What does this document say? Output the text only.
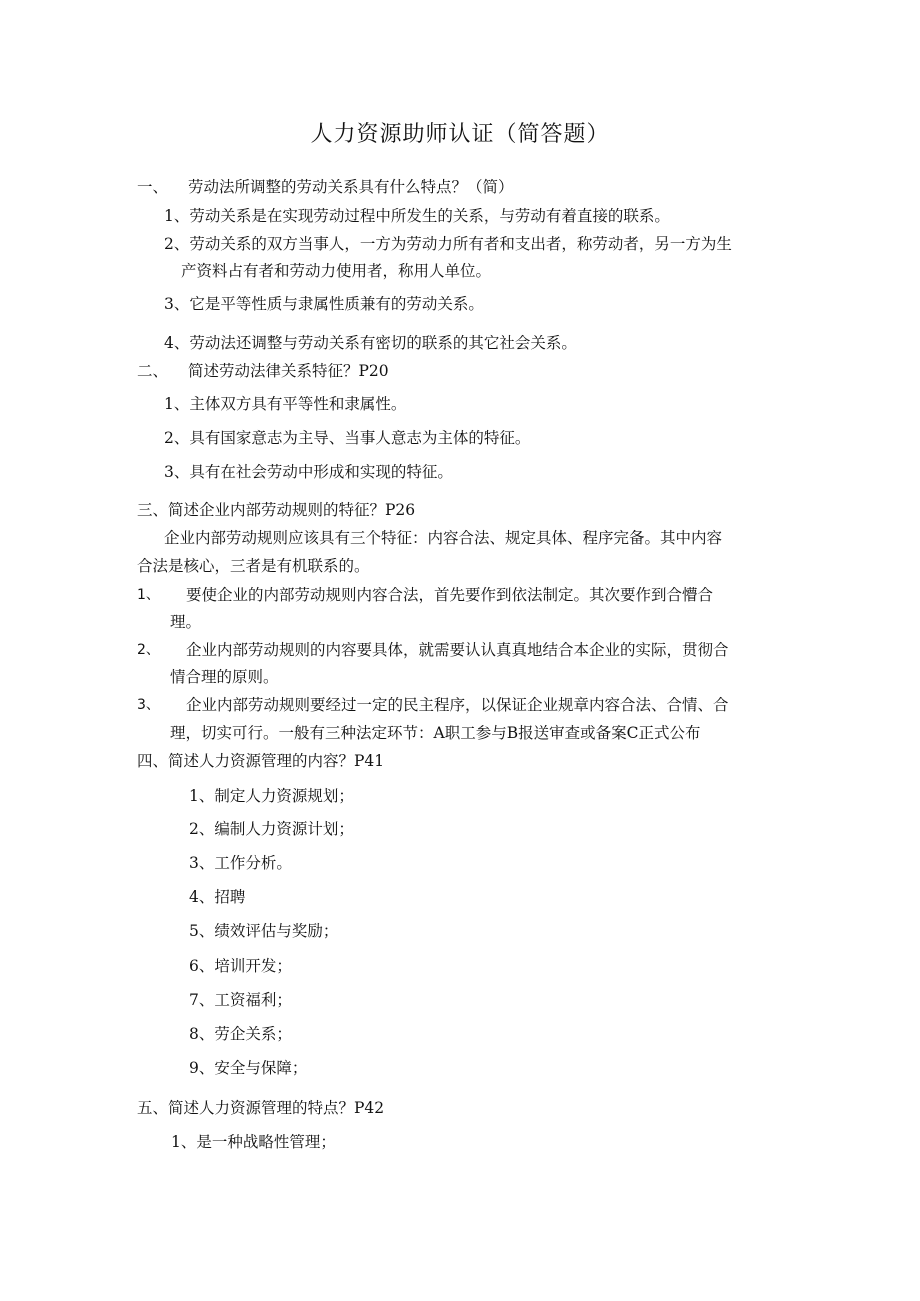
人力资源助师认证（简答题）
一、 劳动法所调整的劳动关系具有什么特点？（简）
1、劳动关系是在实现劳动过程中所发生的关系，与劳动有着直接的联系。
2、劳动关系的双方当事人，一方为劳动力所有者和支出者，称劳动者，另一方为生
产资料占有者和劳动力使用者，称用人单位。
3、它是平等性质与隶属性质兼有的劳动关系。
4、劳动法还调整与劳动关系有密切的联系的其它社会关系。
二、 简述劳动法律关系特征？P20
1、主体双方具有平等性和隶属性。
2、具有国家意志为主导、当事人意志为主体的特征。
3、具有在社会劳动中形成和实现的特征。
三、简述企业内部劳动规则的特征？P26
企业内部劳动规则应该具有三个特征：内容合法、规定具体、程序完备。其中内容
合法是核心，三者是有机联系的。
1、 要使企业的内部劳动规则内容合法，首先要作到依法制定。其次要作到合懵合
理。
2、 企业内部劳动规则的内容要具体，就需要认认真真地结合本企业的实际，贯彻合
情合理的原则。
3、 企业内部劳动规则要经过一定的民主程序，以保证企业规章内容合法、合情、合
理，切实可行。一般有三种法定环节：A职工参与B报送审查或备案C正式公布
四、简述人力资源管理的内容？P41
1、制定人力资源规划；
2、编制人力资源计划；
3、工作分析。
4、招聘
5、绩效评估与奖励；
6、培训开发；
7、工资福利；
8、劳企关系；
9、安全与保障；
五、简述人力资源管理的特点？P42
1、是一种战略性管理；
